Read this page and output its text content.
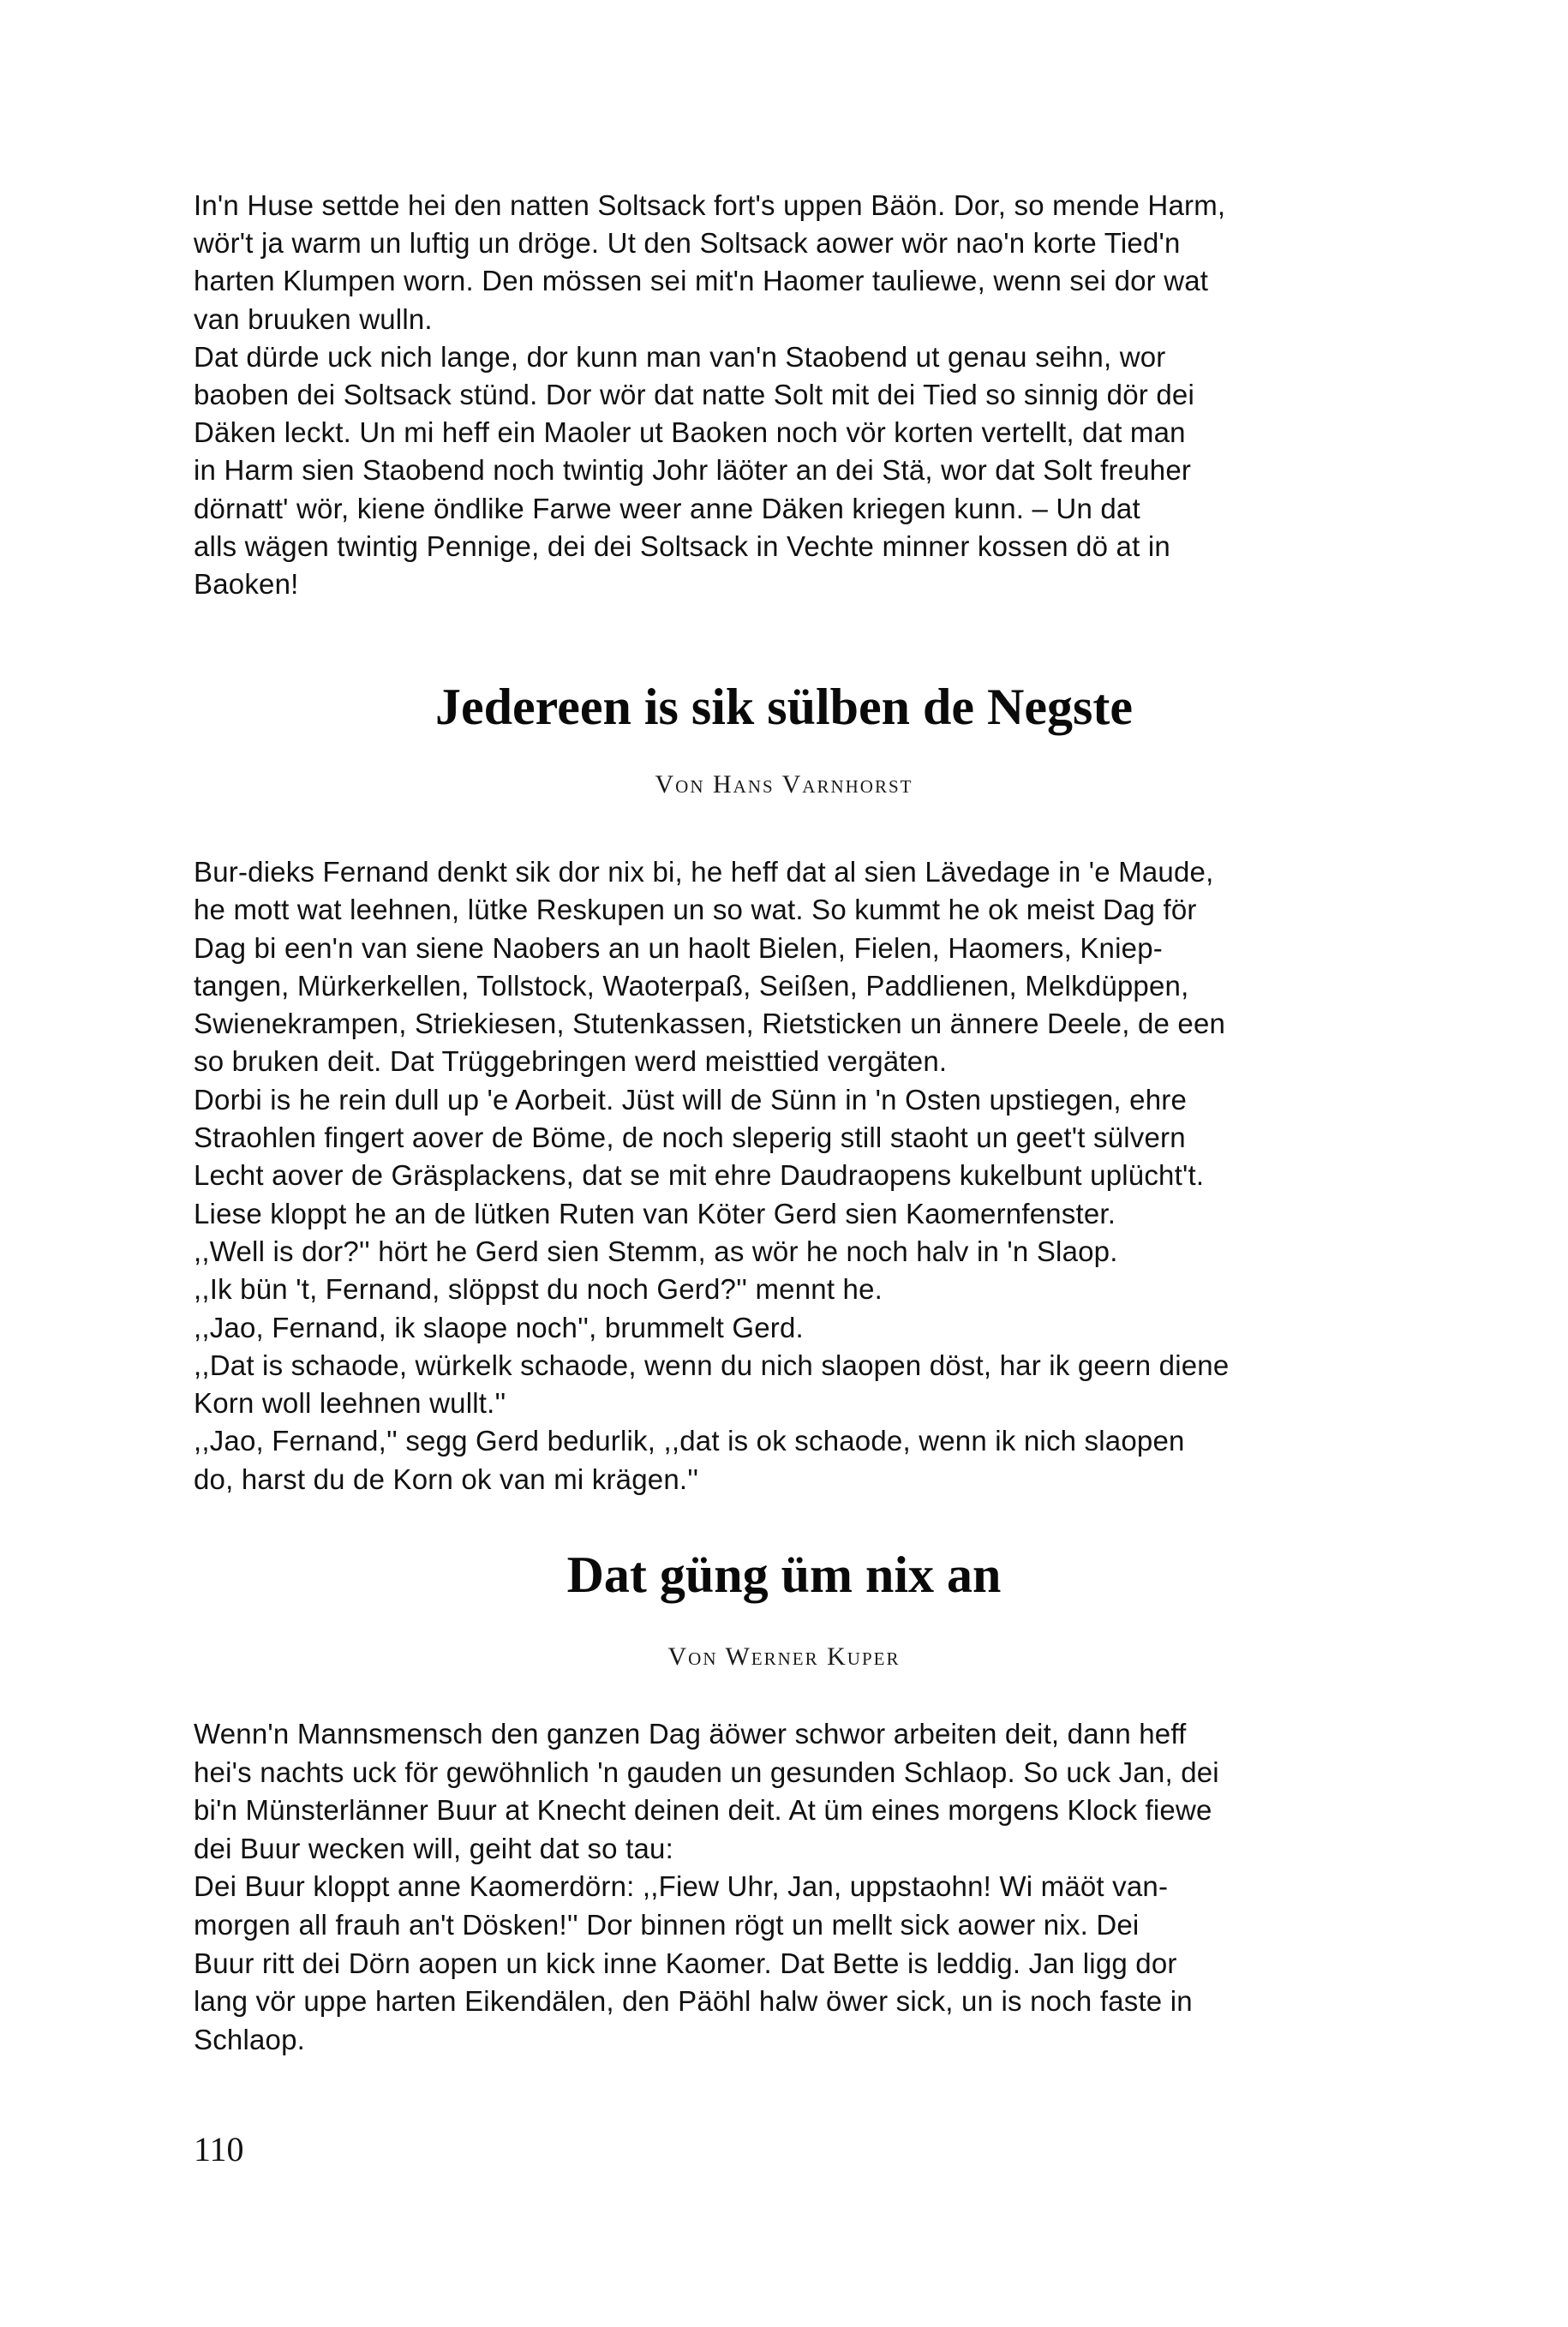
In'n Huse settde hei den natten Soltsack fort's uppen Bäön. Dor, so mende Harm,

wör't ja warm un luftig un dröge. Ut den Soltsack aower wör nao'n korte Tied'n

harten Klumpen worn. Den mössen sei mit'n Haomer tauliewe, wenn sei dor wat

van bruuken wulln.

Dat dürde uck nich lange, dor kunn man van'n Staobend ut genau seihn, wor

baoben dei Soltsack stünd. Dor wör dat natte Solt mit dei Tied so sinnig dör dei

Däken leckt. Un mi heff ein Maoler ut Baoken noch vör korten vertellt, dat man

in Harm sien Staobend noch twintig Johr läöter an dei Stä, wor dat Solt freuher

dörnatt' wör, kiene öndlike Farwe weer anne Däken kriegen kunn. – Un dat

alls wägen twintig Pennige, dei dei Soltsack in Vechte minner kossen dö at in

Baoken!

Jedereen is sik sülben de Negste
Von Hans Varnhorst

Bur-dieks Fernand denkt sik dor nix bi, he heff dat al sien Lävedage in 'e Maude,

he mott wat leehnen, lütke Reskupen un so wat. So kummt he ok meist Dag för

Dag bi een'n van siene Naobers an un haolt Bielen, Fielen, Haomers, Kniep-

tangen, Mürkerkellen, Tollstock, Waoterpaß, Seißen, Paddlienen, Melkdüppen,

Swienekrampen, Striekiesen, Stutenkassen, Rietsticken un ännere Deele, de een

so bruken deit. Dat Trüggebringen werd meisttied vergäten.

Dorbi is he rein dull up 'e Aorbeit. Jüst will de Sünn in 'n Osten upstiegen, ehre

Straohlen fingert aover de Böme, de noch sleperig still staoht un geet't sülvern

Lecht aover de Gräsplackens, dat se mit ehre Daudraopens kukelbunt uplücht't.

Liese kloppt he an de lütken Ruten van Köter Gerd sien Kaomernfenster.

,,Well is dor?'' hört he Gerd sien Stemm, as wör he noch halv in 'n Slaop.

,,Ik bün 't, Fernand, slöppst du noch Gerd?'' mennt he.

,,Jao, Fernand, ik slaope noch'', brummelt Gerd.

,,Dat is schaode, würkelk schaode, wenn du nich slaopen döst, har ik geern diene

Korn woll leehnen wullt.''

,,Jao, Fernand,'' segg Gerd bedurlik, ,,dat is ok schaode, wenn ik nich slaopen

do, harst du de Korn ok van mi krägen.''

Dat güng üm nix an
Von Werner Kuper

Wenn'n Mannsmensch den ganzen Dag äöwer schwor arbeiten deit, dann heff

hei's nachts uck för gewöhnlich 'n gauden un gesunden Schlaop. So uck Jan, dei

bi'n Münsterlänner Buur at Knecht deinen deit. At üm eines morgens Klock fiewe

dei Buur wecken will, geiht dat so tau:

Dei Buur kloppt anne Kaomerdörn: ,,Fiew Uhr, Jan, uppstaohn! Wi mäöt van-

morgen all frauh an't Dösken!'' Dor binnen rögt un mellt sick aower nix. Dei

Buur ritt dei Dörn aopen un kick inne Kaomer. Dat Bette is leddig. Jan ligg dor

lang vör uppe harten Eikendälen, den Päöhl halw öwer sick, un is noch faste in

Schlaop.

110
